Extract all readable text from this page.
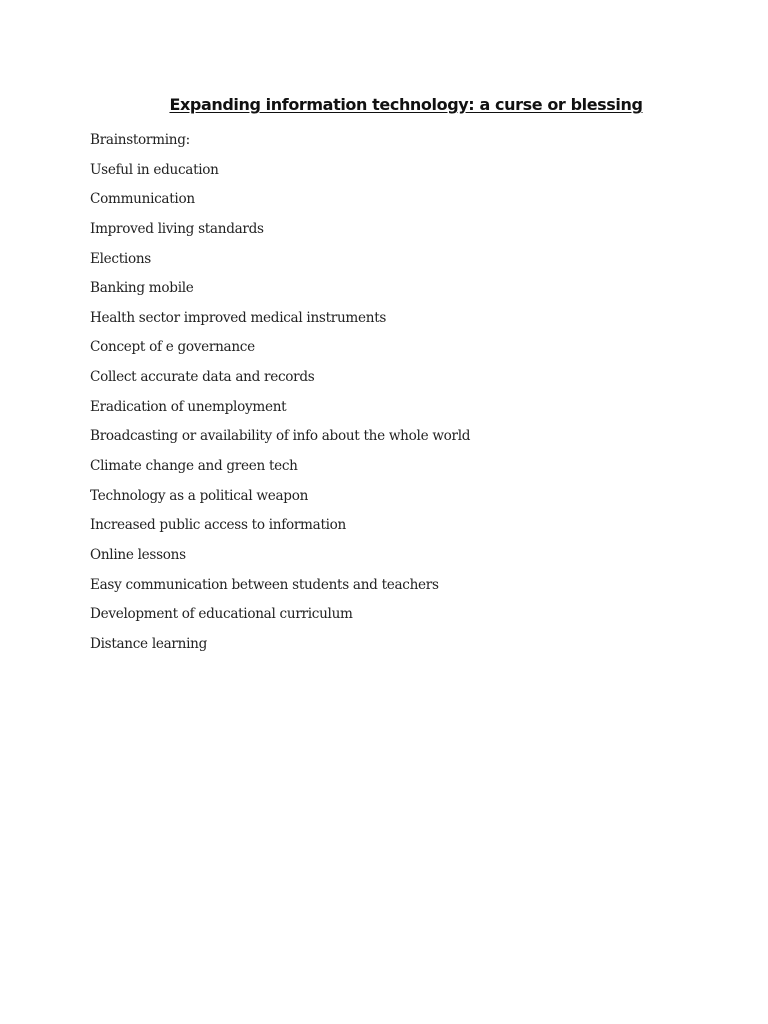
Expanding information technology: a curse or blessing
Brainstorming:
Useful in education
Communication
Improved living standards
Elections
Banking mobile
Health sector improved medical instruments
Concept of e governance
Collect accurate data and records
Eradication of unemployment
Broadcasting or availability of info about the whole world
Climate change and green tech
Technology as a political weapon
Increased public access to information
Online lessons
Easy communication between students and teachers
Development of educational curriculum
Distance learning
